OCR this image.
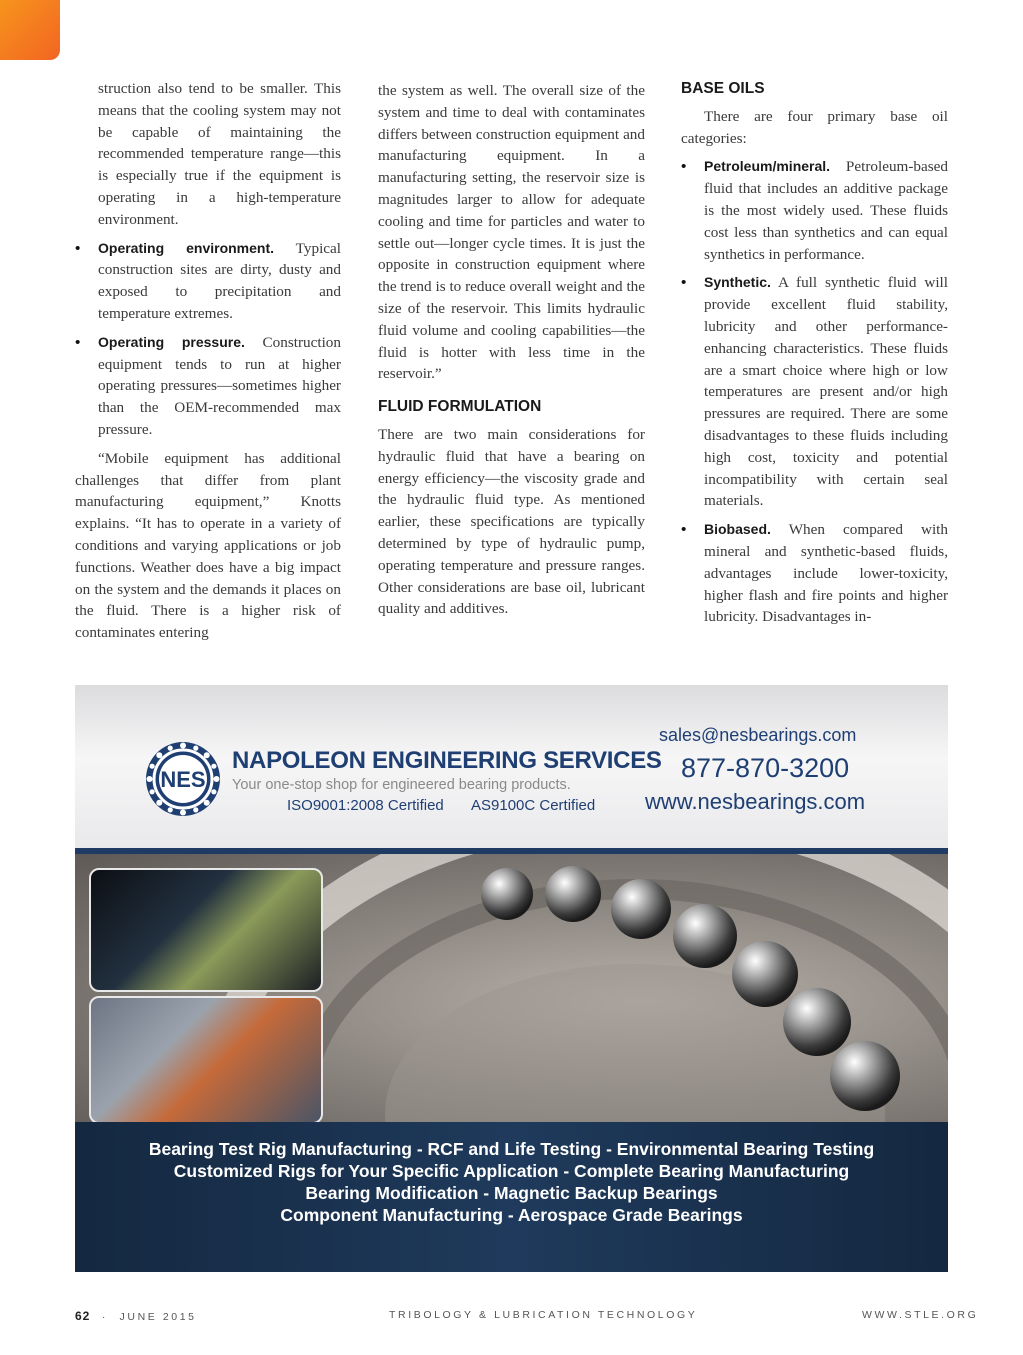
struction also tend to be smaller. This means that the cooling system may not be capable of maintaining the recommended temperature range—this is especially true if the equipment is operating in a high-temperature environment.

• Operating environment. Typical construction sites are dirty, dusty and exposed to precipitation and temperature extremes.

• Operating pressure. Construction equipment tends to run at higher operating pressures—sometimes higher than the OEM-recommended max pressure.

“Mobile equipment has additional challenges that differ from plant manufacturing equipment,” Knotts explains. “It has to operate in a variety of conditions and varying applications or job functions. Weather does have a big impact on the system and the demands it places on the fluid. There is a higher risk of contaminates entering

the system as well. The overall size of the system and time to deal with contaminates differs between construction equipment and manufacturing equipment. In a manufacturing setting, the reservoir size is magnitudes larger to allow for adequate cooling and time for particles and water to settle out—longer cycle times. It is just the opposite in construction equipment where the trend is to reduce overall weight and the size of the reservoir. This limits hydraulic fluid volume and cooling capabilities—the fluid is hotter with less time in the reservoir.”

FLUID FORMULATION

There are two main considerations for hydraulic fluid that have a bearing on energy efficiency—the viscosity grade and the hydraulic fluid type. As mentioned earlier, these specifications are typically determined by type of hydraulic pump, operating temperature and pressure ranges. Other considerations are base oil, lubricant quality and additives.

BASE OILS

There are four primary base oil categories:

• Petroleum/mineral. Petroleum-based fluid that includes an additive package is the most widely used. These fluids cost less than synthetics and can equal synthetics in performance.

• Synthetic. A full synthetic fluid will provide excellent fluid stability, lubricity and other performance-enhancing characteristics. These fluids are a smart choice where high or low temperatures are present and/or high pressures are required. There are some disadvantages to these fluids including high cost, toxicity and potential incompatibility with certain seal materials.

• Biobased. When compared with mineral and synthetic-based fluids, advantages include lower-toxicity, higher flash and fire points and higher lubricity. Disadvantages in-

NES
NAPOLEON ENGINEERING SERVICES
Your one-stop shop for engineered bearing products.
ISO9001:2008 Certified AS9100C Certified
sales@nesbearings.com
877-870-3200
www.nesbearings.com
Bearing Test Rig Manufacturing - RCF and Life Testing - Environmental Bearing Testing
Customized Rigs for Your Specific Application - Complete Bearing Manufacturing
Bearing Modification - Magnetic Backup Bearings
Component Manufacturing - Aerospace Grade Bearings
62 · JUNE 2015	TRIBOLOGY & LUBRICATION TECHNOLOGY	WWW.STLE.ORG
